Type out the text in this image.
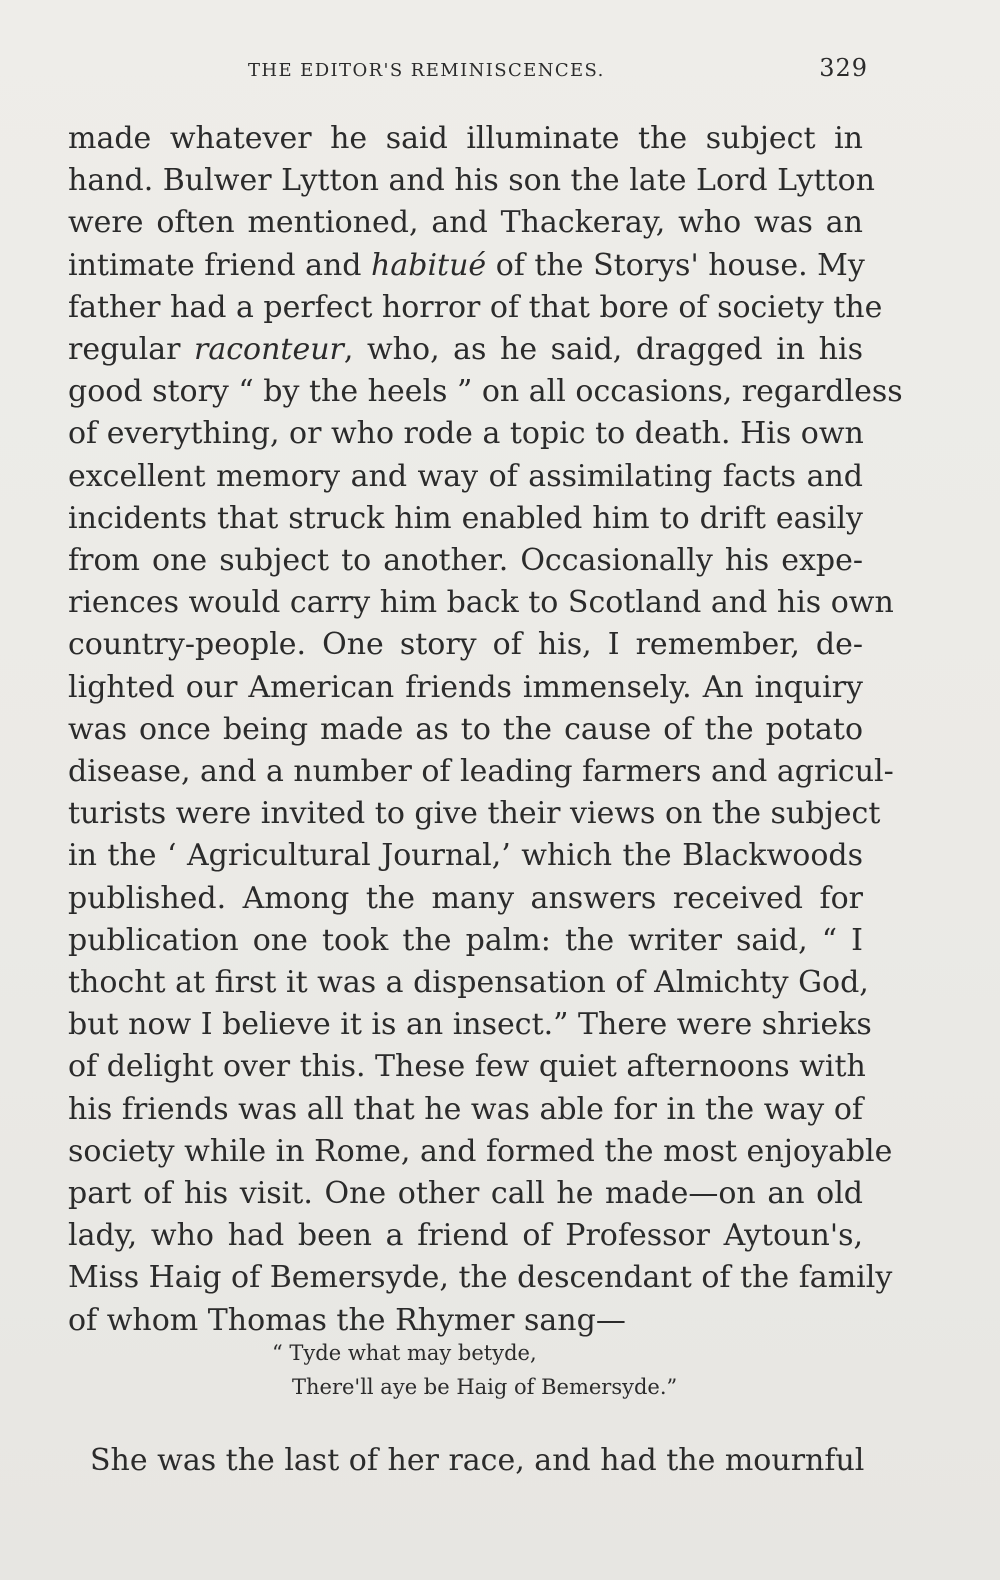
THE EDITOR'S REMINISCENCES.	329
made whatever he said illuminate the subject in
hand. Bulwer Lytton and his son the late Lord Lytton
were often mentioned, and Thackeray, who was an
intimate friend and habitué of the Storys' house. My
father had a perfect horror of that bore of society the
regular raconteur, who, as he said, dragged in his
good story “ by the heels ” on all occasions, regardless
of everything, or who rode a topic to death. His own
excellent memory and way of assimilating facts and
incidents that struck him enabled him to drift easily
from one subject to another. Occasionally his expe-
riences would carry him back to Scotland and his own
country-people. One story of his, I remember, de-
lighted our American friends immensely. An inquiry
was once being made as to the cause of the potato
disease, and a number of leading farmers and agricul-
turists were invited to give their views on the subject
in the ‘ Agricultural Journal,’ which the Blackwoods
published. Among the many answers received for
publication one took the palm: the writer said, “ I
thocht at first it was a dispensation of Almichty God,
but now I believe it is an insect.” There were shrieks
of delight over this. These few quiet afternoons with
his friends was all that he was able for in the way of
society while in Rome, and formed the most enjoyable
part of his visit. One other call he made—on an old
lady, who had been a friend of Professor Aytoun's,
Miss Haig of Bemersyde, the descendant of the family
of whom Thomas the Rhymer sang—
“ Tyde what may betyde,
There'll aye be Haig of Bemersyde.”
She was the last of her race, and had the mournful
